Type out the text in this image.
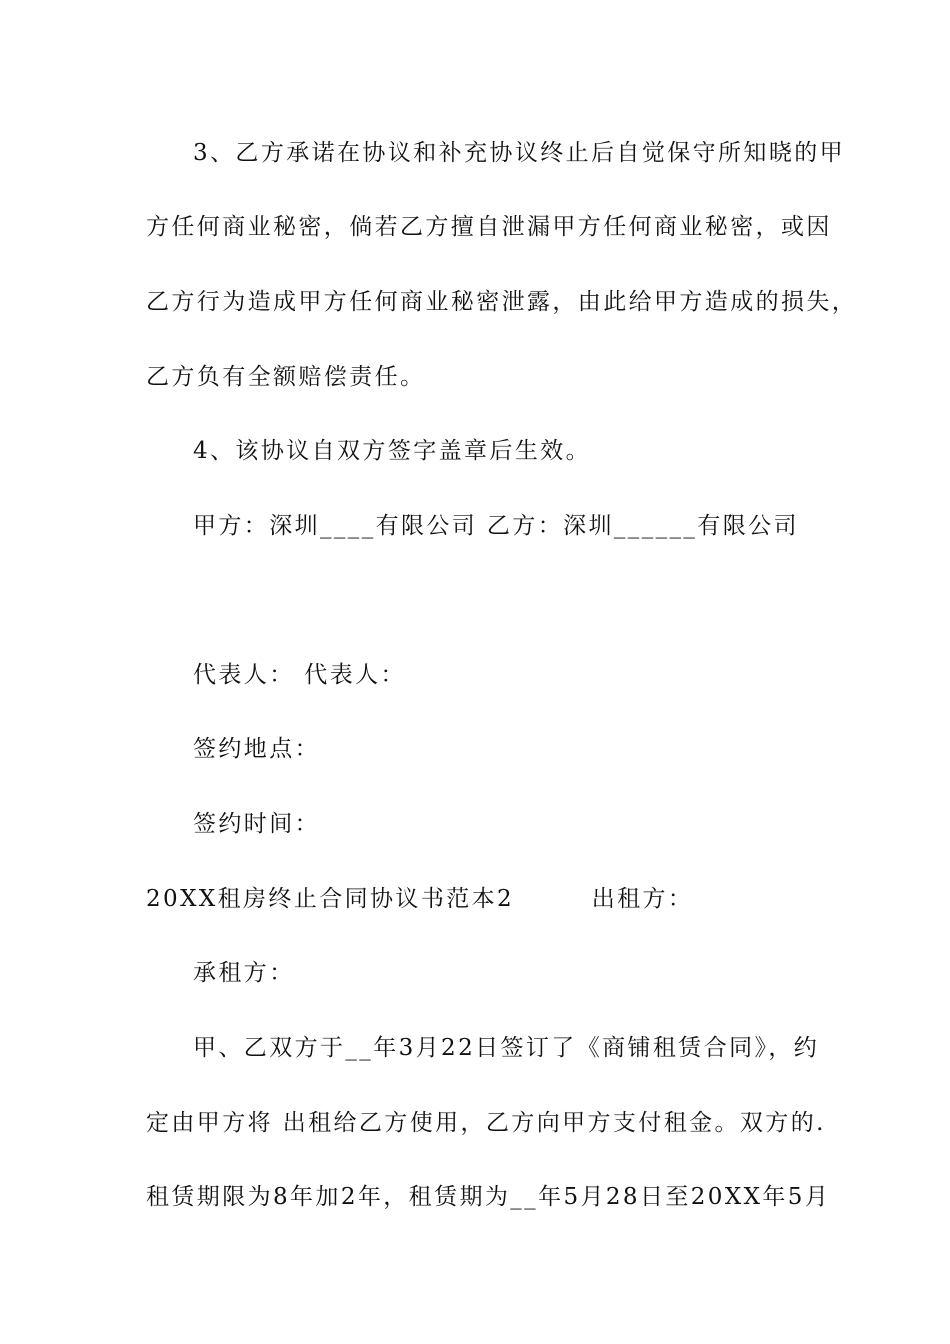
3、乙方承诺在协议和补充协议终止后自觉保守所知晓的甲
方任何商业秘密，倘若乙方擅自泄漏甲方任何商业秘密，或因
乙方行为造成甲方任何商业秘密泄露，由此给甲方造成的损失，
乙方负有全额赔偿责任。
4、该协议自双方签字盖章后生效。
甲方：深圳____有限公司 乙方：深圳______有限公司
代表人： 代表人：
签约地点：
签约时间：
20XX租房终止合同协议书范本2        出租方：
承租方：
甲、乙双方于__年3月22日签订了《商铺租赁合同》，约
定由甲方将 出租给乙方使用，乙方向甲方支付租金。双方的.
租赁期限为8年加2年，租赁期为__年5月28日至20XX年5月
